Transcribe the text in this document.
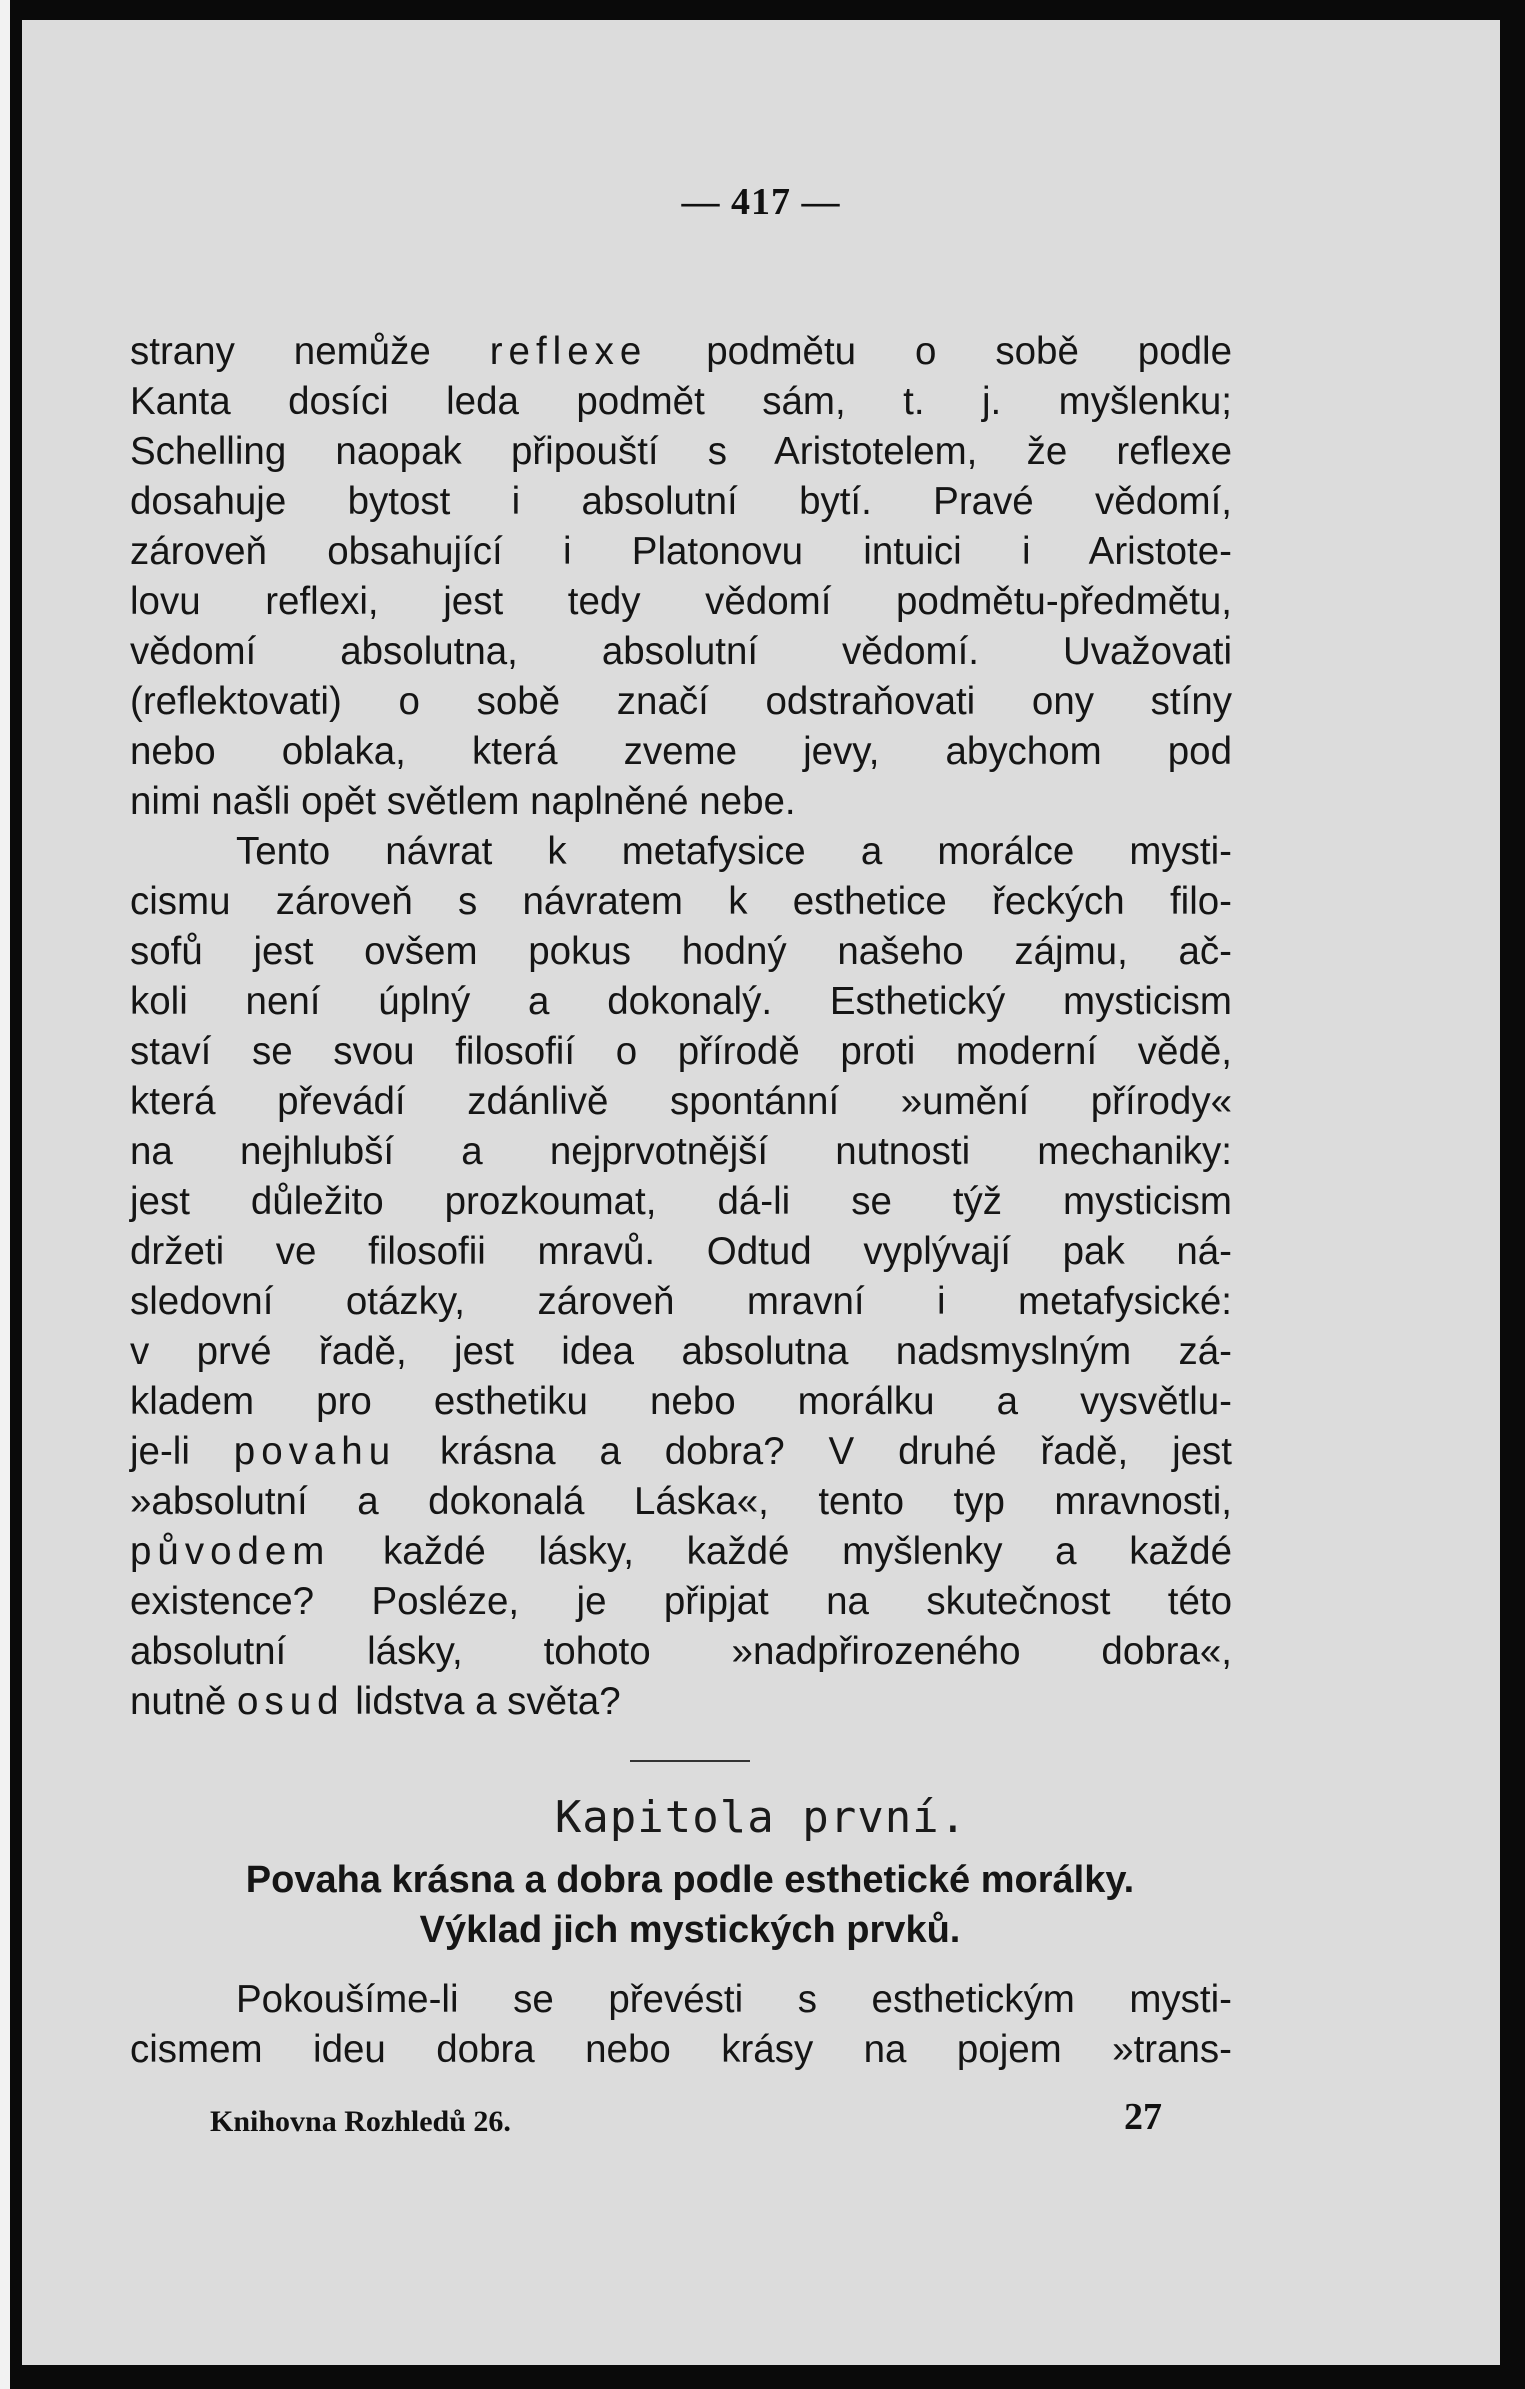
— 417 —
strany nemůže reflexe podmětu o sobě podle
Kanta dosíci leda podmět sám, t. j. myšlenku;
Schelling naopak připouští s Aristotelem, že reflexe
dosahuje bytost i absolutní bytí. Pravé vědomí,
zároveň obsahující i Platonovu intuici i Aristote-
lovu reflexi, jest tedy vědomí podmětu-předmětu,
vědomí absolutna, absolutní vědomí. Uvažovati
(reflektovati) o sobě značí odstraňovati ony stíny
nebo oblaka, která zveme jevy, abychom pod
nimi našli opět světlem naplněné nebe.
Tento návrat k metafysice a morálce mysti-
cismu zároveň s návratem k esthetice řeckých filo-
sofů jest ovšem pokus hodný našeho zájmu, ač-
koli není úplný a dokonalý. Esthetický mysticism
staví se svou filosofií o přírodě proti moderní vědě,
která převádí zdánlivě spontánní »umění přírody«
na nejhlubší a nejprvotnější nutnosti mechaniky:
jest důležito prozkoumat, dá-li se týž mysticism
držeti ve filosofii mravů. Odtud vyplývají pak ná-
sledovní otázky, zároveň mravní i metafysické:
v prvé řadě, jest idea absolutna nadsmyslným zá-
kladem pro esthetiku nebo morálku a vysvětlu-
je-li povahu krásna a dobra? V druhé řadě, jest
»absolutní a dokonalá Láska«, tento typ mravnosti,
původem každé lásky, každé myšlenky a každé
existence? Posléze, je připjat na skutečnost této
absolutní lásky, tohoto »nadpřirozeného dobra«,
nutně osud lidstva a světa?
Kapitola první.
Povaha krásna a dobra podle esthetické morálky.
Výklad jich mystických prvků.
Pokoušíme-li se převésti s esthetickým mysti-
cismem ideu dobra nebo krásy na pojem »trans-
Knihovna Rozhledů 26.	27
